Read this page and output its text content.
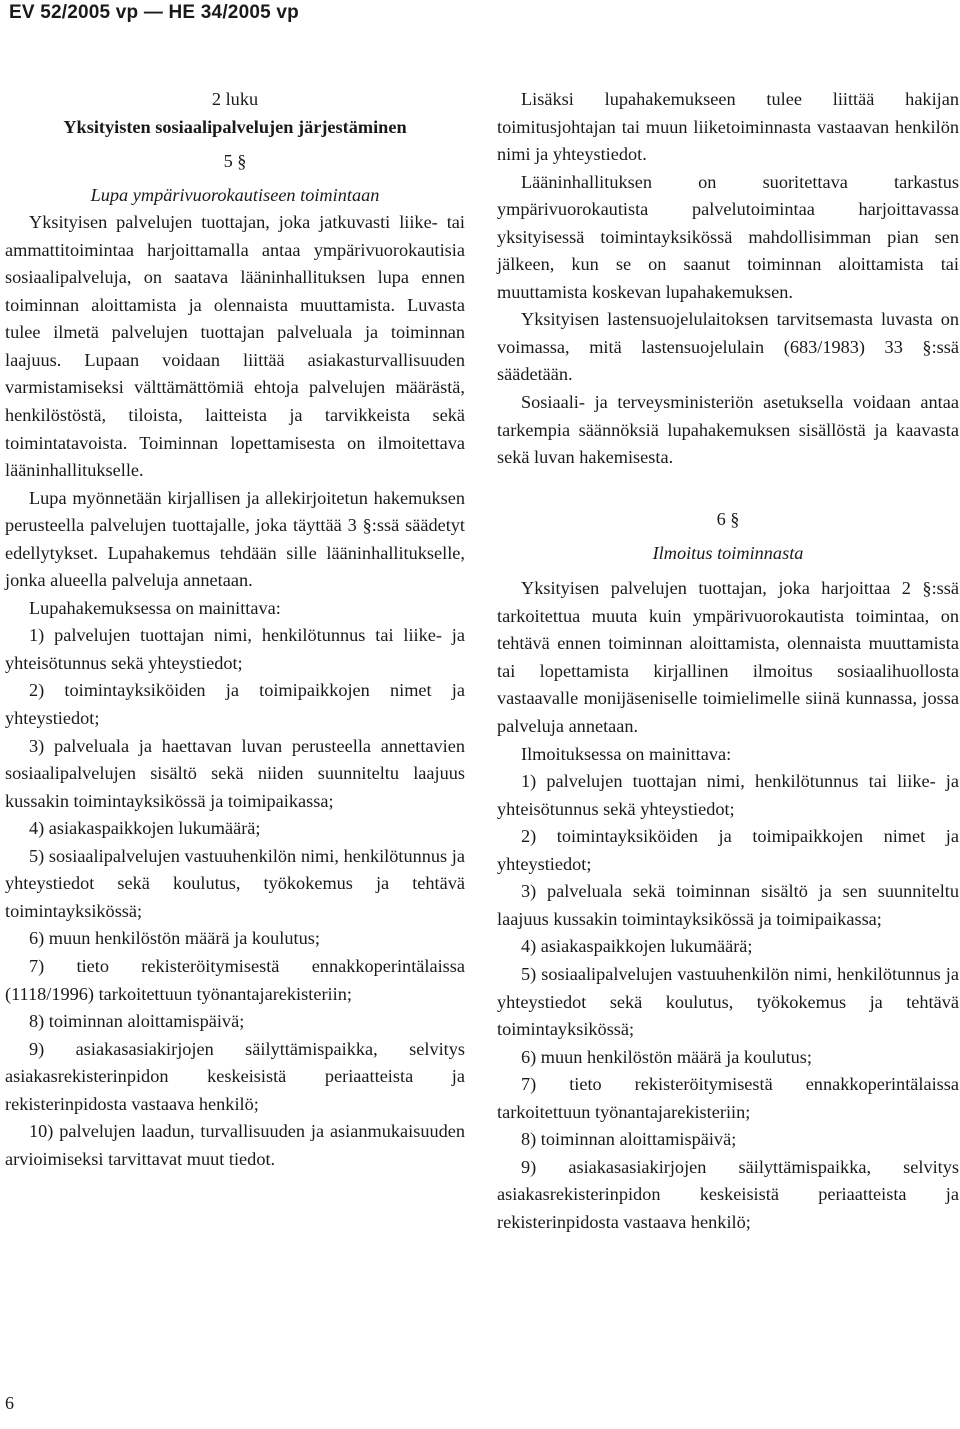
EV 52/2005 vp — HE 34/2005 vp
2 luku
Yksityisten sosiaalipalvelujen järjestäminen
5 §
Lupa ympärivuorokautiseen toimintaan
Yksityisen palvelujen tuottajan, joka jatkuvasti liike- tai ammattitoimintaa harjoittamalla antaa ympärivuorokautisia sosiaalipalveluja, on saatava lääninhallituksen lupa ennen toiminnan aloittamista ja olennaista muuttamista. Luvasta tulee ilmetä palvelujen tuottajan palveluala ja toiminnan laajuus. Lupaan voidaan liittää asiakasturvallisuuden varmistamiseksi välttämättömiä ehtoja palvelujen määrästä, henkilöstöstä, tiloista, laitteista ja tarvikkeista sekä toimintatavoista. Toiminnan lopettamisesta on ilmoitettava lääninhallitukselle.
Lupa myönnetään kirjallisen ja allekirjoitetun hakemuksen perusteella palvelujen tuottajalle, joka täyttää 3 §:ssä säädetyt edellytykset. Lupahakemus tehdään sille lääninhallitukselle, jonka alueella palveluja annetaan.
Lupahakemuksessa on mainittava:
1) palvelujen tuottajan nimi, henkilötunnus tai liike- ja yhteisötunnus sekä yhteystiedot;
2) toimintayksiköiden ja toimipaikkojen nimet ja yhteystiedot;
3) palveluala ja haettavan luvan perusteella annettavien sosiaalipalvelujen sisältö sekä niiden suunniteltu laajuus kussakin toimintayksikössä ja toimipaikassa;
4) asiakaspaikkojen lukumäärä;
5) sosiaalipalvelujen vastuuhenkilön nimi, henkilötunnus ja yhteystiedot sekä koulutus, työkokemus ja tehtävä toimintayksikössä;
6) muun henkilöstön määrä ja koulutus;
7) tieto rekisteröitymisestä ennakkoperintälaissa (1118/1996) tarkoitettuun työnantajarekisteriin;
8) toiminnan aloittamispäivä;
9) asiakasasiakirjojen säilyttämispaikka, selvitys asiakasrekisterinpidon keskeisistä periaatteista ja rekisterinpidosta vastaava henkilö;
10) palvelujen laadun, turvallisuuden ja asianmukaisuuden arvioimiseksi tarvittavat muut tiedot.
Lisäksi lupahakemukseen tulee liittää hakijan toimitusjohtajan tai muun liiketoiminnasta vastaavan henkilön nimi ja yhteystiedot.
Lääninhallituksen on suoritettava tarkastus ympärivuorokautista palvelutoimintaa harjoittavassa yksityisessä toimintayksikössä mahdollisimman pian sen jälkeen, kun se on saanut toiminnan aloittamista tai muuttamista koskevan lupahakemuksen.
Yksityisen lastensuojelulaitoksen tarvitsemasta luvasta on voimassa, mitä lastensuojelulain (683/1983) 33 §:ssä säädetään.
Sosiaali- ja terveysministeriön asetuksella voidaan antaa tarkempia säännöksiä lupahakemuksen sisällöstä ja kaavasta sekä luvan hakemisesta.
6 §
Ilmoitus toiminnasta
Yksityisen palvelujen tuottajan, joka harjoittaa 2 §:ssä tarkoitettua muuta kuin ympärivuorokautista toimintaa, on tehtävä ennen toiminnan aloittamista, olennaista muuttamista tai lopettamista kirjallinen ilmoitus sosiaalihuollosta vastaavalle monijäseniselle toimielimelle siinä kunnassa, jossa palveluja annetaan.
Ilmoituksessa on mainittava:
1) palvelujen tuottajan nimi, henkilötunnus tai liike- ja yhteisötunnus sekä yhteystiedot;
2) toimintayksiköiden ja toimipaikkojen nimet ja yhteystiedot;
3) palveluala sekä toiminnan sisältö ja sen suunniteltu laajuus kussakin toimintayksikössä ja toimipaikassa;
4) asiakaspaikkojen lukumäärä;
5) sosiaalipalvelujen vastuuhenkilön nimi, henkilötunnus ja yhteystiedot sekä koulutus, työkokemus ja tehtävä toimintayksikössä;
6) muun henkilöstön määrä ja koulutus;
7) tieto rekisteröitymisestä ennakkoperintälaissa tarkoitettuun työnantajarekisteriin;
8) toiminnan aloittamispäivä;
9) asiakasasiakirjojen säilyttämispaikka, selvitys asiakasrekisterinpidon keskeisistä periaatteista ja rekisterinpidosta vastaava henkilö;
6
